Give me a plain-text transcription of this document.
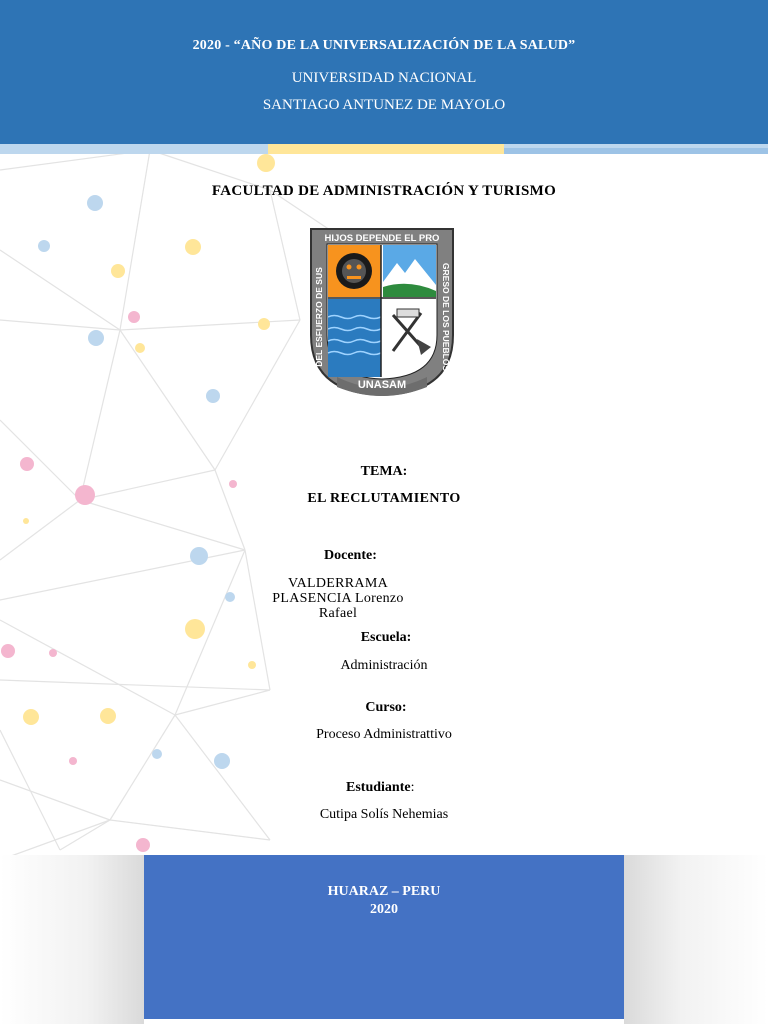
2020 - “AÑO DE LA UNIVERSALIZACIÓN DE LA SALUD”
UNIVERSIDAD NACIONAL
SANTIAGO ANTUNEZ DE MAYOLO
FACULTAD DE ADMINISTRACIÓN Y TURISMO
HIJOS DEPENDE EL PRO
DEL ESFUERZO DE SUS	GRESO DE LOS PUEBLOS
UNASAM
TEMA:
EL RECLUTAMIENTO
Docente:
VALDERRAMA PLASENCIA Lorenzo Rafael
Escuela:
Administración
Curso:
Proceso Administrattivo
Estudiante:
Cutipa Solís Nehemias
HUARAZ – PERU
2020
